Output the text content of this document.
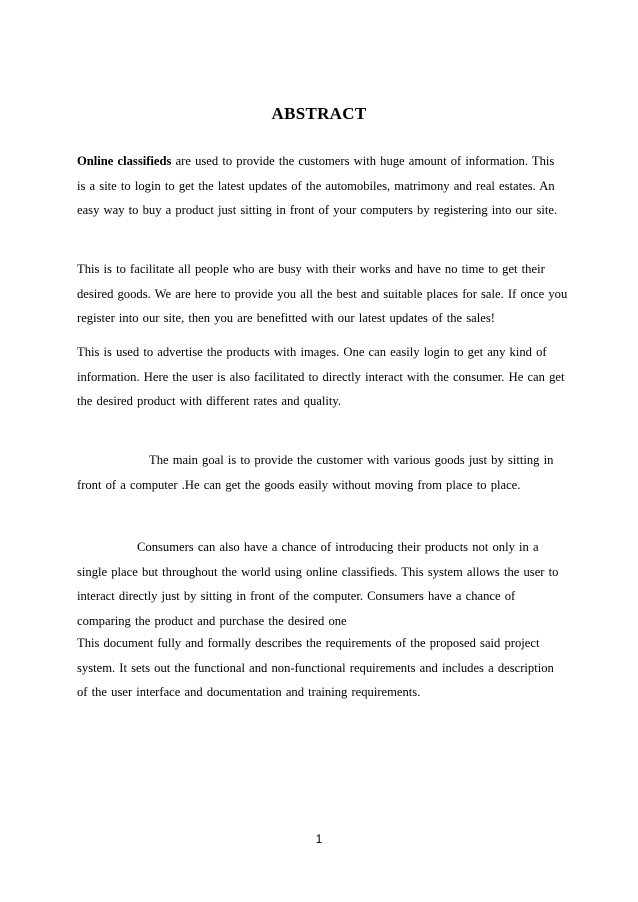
ABSTRACT
Online classifieds are used to provide the customers with huge amount of information. This
is a site to login to get the latest updates of the automobiles, matrimony and real estates. An
easy way to buy a product just sitting in front of your computers by registering into our site.
This is to facilitate all people who are busy with their works and have no time to get their
desired goods. We are here to provide you all the best and suitable places for sale. If once you
register into our site, then you are benefitted with our latest updates of the sales!
This is used to advertise the products with images. One can easily login to get any kind of
information. Here the user is also facilitated to directly interact with the consumer. He can get
the desired product with different rates and quality.
The main goal is to provide the customer with various goods just by sitting in
front of a computer .He can get the goods easily without moving from place to place.
Consumers can also have a chance of introducing their products not only in a
single place but throughout the world using online classifieds. This system allows the user to
interact directly just by sitting in front of the computer. Consumers have a chance of
comparing the product and purchase the desired one
This document fully and formally describes the requirements of the proposed said project
system. It sets out the functional and non-functional requirements and includes a description
of the user interface and documentation and training requirements.
1
